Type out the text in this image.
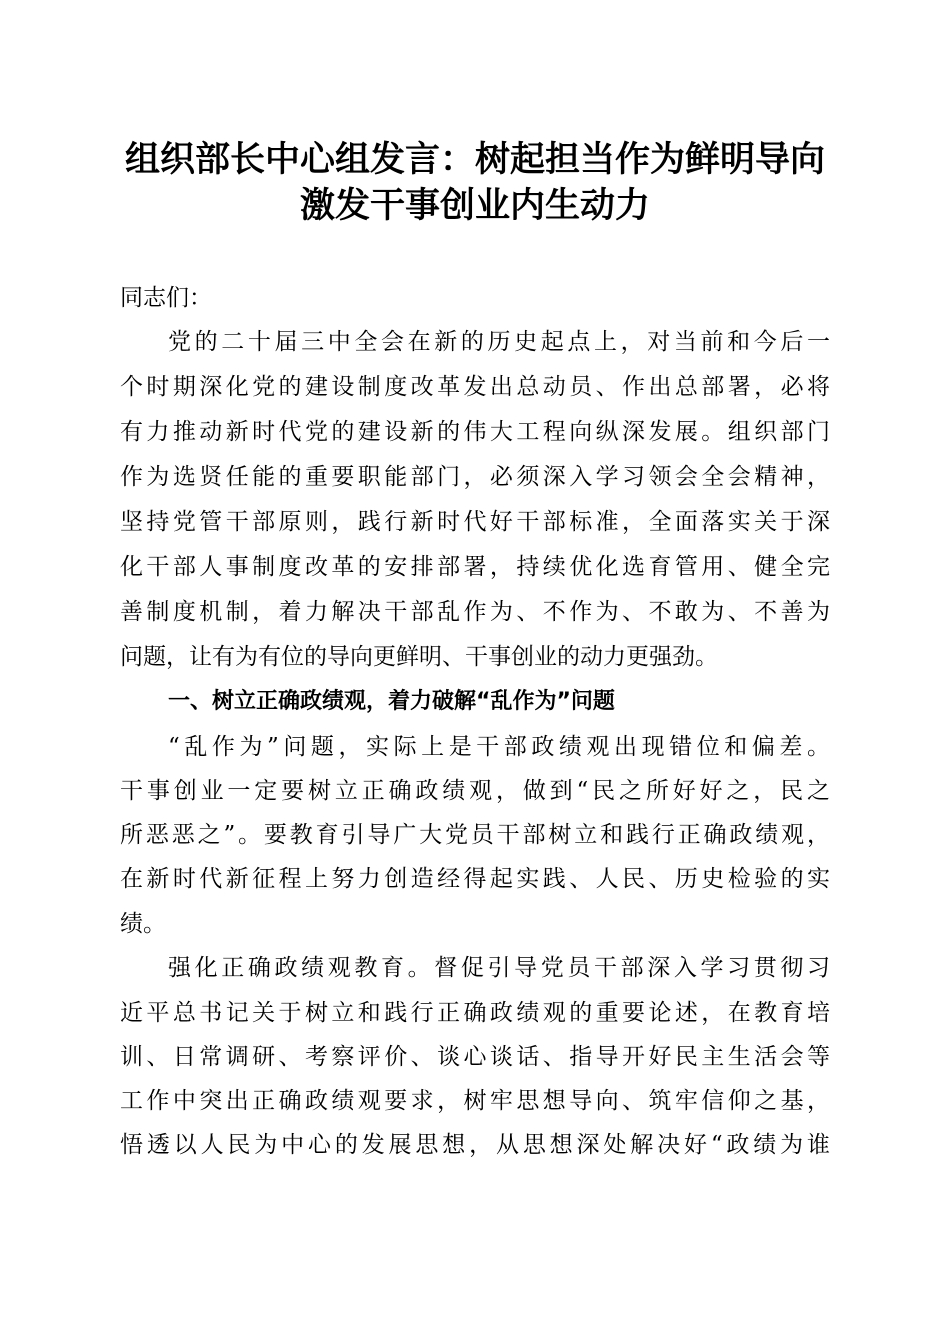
组织部长中心组发言：树起担当作为鲜明导向
激发干事创业内生动力
同志们：
党的二十届三中全会在新的历史起点上，对当前和今后一
个时期深化党的建设制度改革发出总动员、作出总部署，必将
有力推动新时代党的建设新的伟大工程向纵深发展。组织部门
作为选贤任能的重要职能部门，必须深入学习领会全会精神，
坚持党管干部原则，践行新时代好干部标准，全面落实关于深
化干部人事制度改革的安排部署，持续优化选育管用、健全完
善制度机制，着力解决干部乱作为、不作为、不敢为、不善为
问题，让有为有位的导向更鲜明、干事创业的动力更强劲。
一、树立正确政绩观，着力破解“乱作为”问题
“乱作为”问题，实际上是干部政绩观出现错位和偏差。
干事创业一定要树立正确政绩观，做到“民之所好好之，民之
所恶恶之”。要教育引导广大党员干部树立和践行正确政绩观，
在新时代新征程上努力创造经得起实践、人民、历史检验的实
绩。
强化正确政绩观教育。督促引导党员干部深入学习贯彻习
近平总书记关于树立和践行正确政绩观的重要论述，在教育培
训、日常调研、考察评价、谈心谈话、指导开好民主生活会等
工作中突出正确政绩观要求，树牢思想导向、筑牢信仰之基，
悟透以人民为中心的发展思想，从思想深处解决好“政绩为谁
